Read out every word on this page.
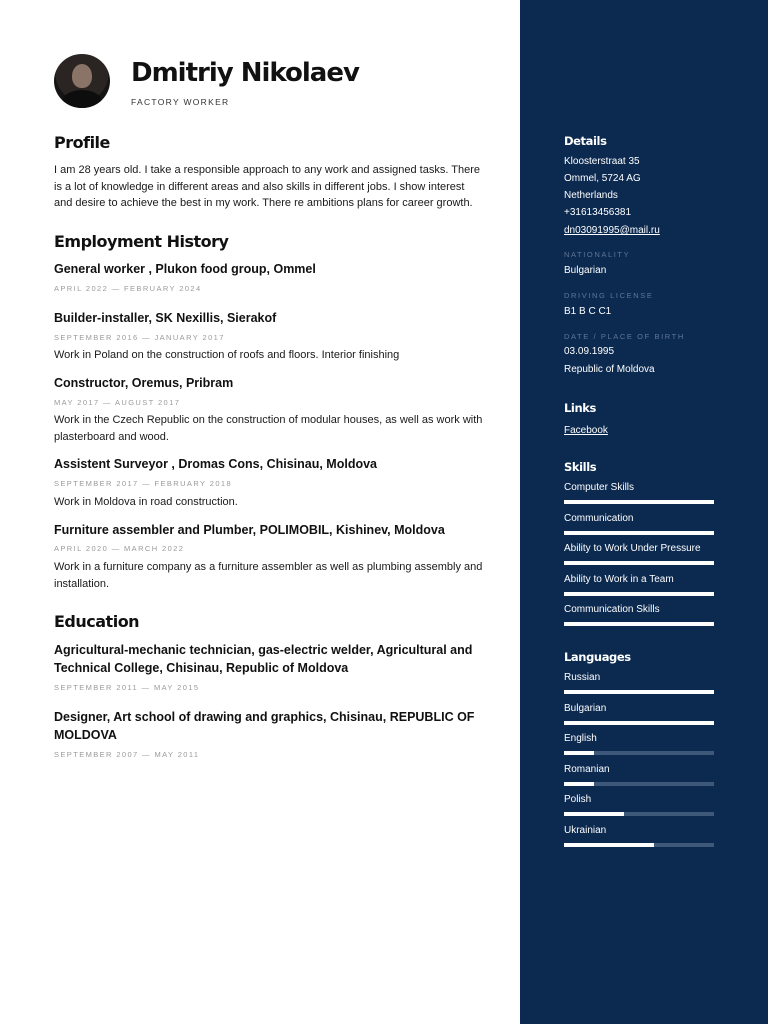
Dmitriy Nikolaev
FACTORY WORKER
Profile
I am 28 years old. I take a responsible approach to any work and assigned tasks. There is a lot of knowledge in different areas and also skills in different jobs. I show interest and desire to achieve the best in my work. There re ambitions plans for career growth.
Employment History
General worker , Plukon food group, Ommel
APRIL 2022 — FEBRUARY 2024
Builder-installer, SK Nexillis, Sierakof
SEPTEMBER 2016 — JANUARY 2017
Work in Poland on the construction of roofs and floors. Interior finishing
Constructor, Oremus, Pribram
MAY 2017 — AUGUST 2017
Work in the Czech Republic on the construction of modular houses, as well as work with plasterboard and wood.
Assistent Surveyor , Dromas Cons, Chisinau, Moldova
SEPTEMBER 2017 — FEBRUARY 2018
Work in Moldova in road construction.
Furniture assembler and Plumber, POLIMOBIL, Kishinev, Moldova
APRIL 2020 — MARCH 2022
Work in a furniture company as a furniture assembler as well as plumbing assembly and installation.
Education
Agricultural-mechanic technician, gas-electric welder, Agricultural and Technical College, Chisinau, Republic of Moldova
SEPTEMBER 2011 — MAY 2015
Designer, Art school of drawing and graphics, Chisinau, REPUBLIC OF MOLDOVA
SEPTEMBER 2007 — MAY 2011
Details
Kloosterstraat 35
Ommel, 5724 AG
Netherlands
+31613456381
dn03091995@mail.ru
NATIONALITY
Bulgarian
DRIVING LICENSE
B1 B C C1
DATE / PLACE OF BIRTH
03.09.1995
Republic of Moldova
Links
Facebook
Skills
Computer Skills
Communication
Ability to Work Under Pressure
Ability to Work in a Team
Communication Skills
Languages
Russian
Bulgarian
English
Romanian
Polish
Ukrainian
